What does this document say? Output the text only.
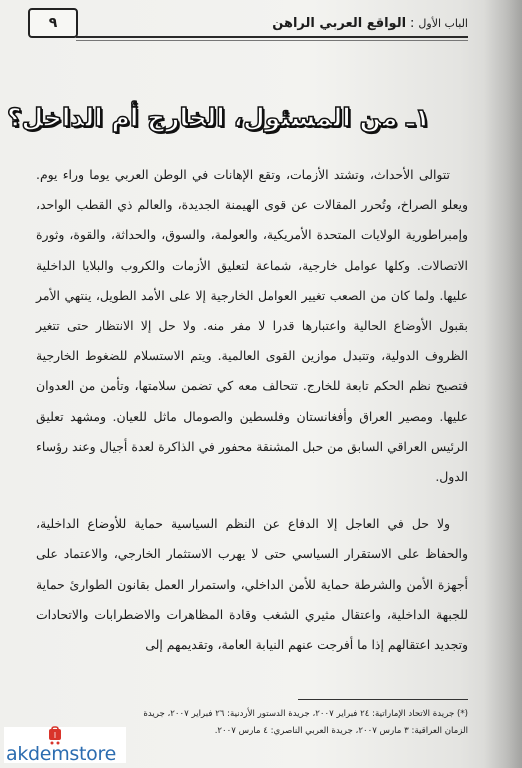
٩	الباب الأول:الواقع العربي الراهن
١ـ من المسئول، الخارج أم الداخل؟

تتوالى الأحداث، وتشتد الأزمات، وتقع الإهانات في الوطن العربي يوما وراء يوم. ويعلو الصراخ، وتُحرر المقالات عن قوى الهيمنة الجديدة، والعالم ذي القطب الواحد، وإمبراطورية الولايات المتحدة الأمريكية، والعولمة، والسوق، والحداثة، والقوة، وثورة الاتصالات. وكلها عوامل خارجية، شماعة لتعليق الأزمات والكروب والبلايا الداخلية عليها. ولما كان من الصعب تغيير العوامل الخارجية إلا على الأمد الطويل، ينتهي الأمر بقبول الأوضاع الحالية واعتبارها قدرا لا مفر منه. ولا حل إلا الانتظار حتى تتغير الظروف الدولية، وتتبدل موازين القوى العالمية. ويتم الاستسلام للضغوط الخارجية فتصبح نظم الحكم تابعة للخارج. تتحالف معه كي تضمن سلامتها، وتأمن من العدوان عليها. ومصير العراق وأفغانستان وفلسطين والصومال ماثل للعيان. ومشهد تعليق الرئيس العراقي السابق من حبل المشنقة محفور في الذاكرة لعدة أجيال وعند رؤساء الدول.

ولا حل في العاجل إلا الدفاع عن النظم السياسية حماية للأوضاع الداخلية، والحفاظ على الاستقرار السياسي حتى لا يهرب الاستثمار الخارجي، والاعتماد على أجهزة الأمن والشرطة حماية للأمن الداخلي، واستمرار العمل بقانون الطوارئ حماية للجبهة الداخلية، واعتقال مثيري الشغب وقادة المظاهرات والاضطرابات والاتحادات وتجديد اعتقالهم إذا ما أفرجت عنهم النيابة العامة، وتقديمهم إلى

(*) جريدة الاتحاد الإماراتية: ٢٤ فبراير ٢٠٠٧، جريدة الدستور الأردنية: ٢٦ فبراير ٢٠٠٧، جريدة
الزمان العراقية: ٣ مارس ٢٠٠٧، جريدة العربي الناصري: ٤ مارس ٢٠٠٧.
ا
akdemstore
